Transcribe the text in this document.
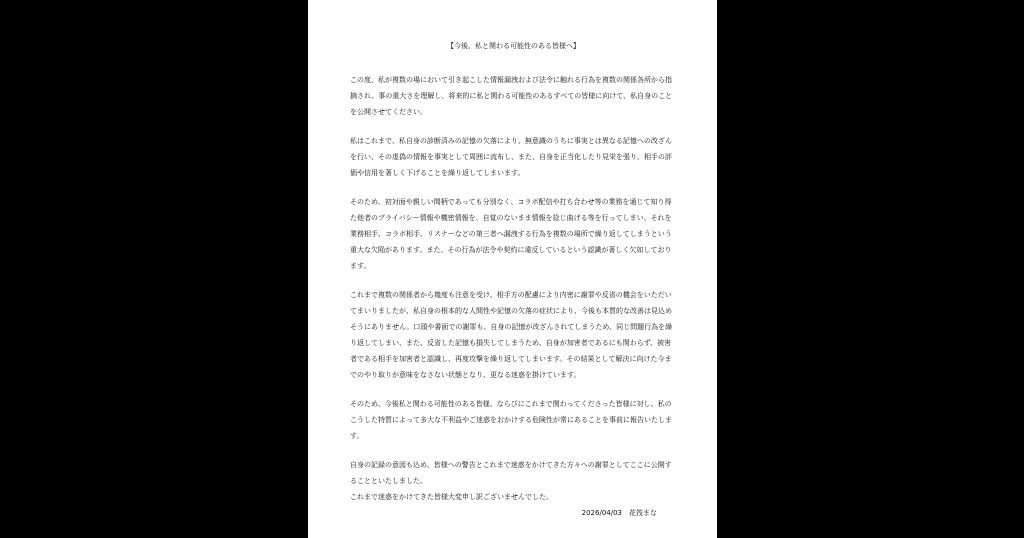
【今後、私と関わる可能性のある皆様へ】

この度、私が複数の場において引き起こした情報漏洩および法令に触れる行為を複数の関係各所から指摘され、事の重大さを理解し、将来的に私と関わる可能性のあるすべての皆様に向けて、私自身のことを公開させてください。

私はこれまで、私自身の診断済みの記憶の欠落により、無意識のうちに事実とは異なる記憶への改ざんを行い、その虚偽の情報を事実として周囲に流布し、また、自身を正当化したり見栄を張り、相手の評価や信用を著しく下げることを繰り返してしまいます。

そのため、初対面や親しい間柄であっても分別なく、コラボ配信や打ち合わせ等の業務を通じて知り得た他者のプライバシー情報や機密情報を、自覚のないまま情報を捻じ曲げる等を行ってしまい、それを業務相手、コラボ相手、リスナーなどの第三者へ漏洩する行為を複数の場所で繰り返してしまうという重大な欠陥があります。また、その行為が法令や契約に違反しているという認識が著しく欠如しております。

これまで複数の関係者から幾度も注意を受け、相手方の配慮により内密に謝罪や反省の機会をいただいてまいりましたが、私自身の根本的な人間性や記憶の欠落の症状により、今後も本質的な改善は見込めそうにありません。口頭や書面での謝罪も、自身の記憶が改ざんされてしまうため、同じ問題行為を繰り返してしまい、また、反省した記憶も損失してしまうため、自身が加害者であるにも関わらず、被害者である相手を加害者と認識し、再度攻撃を繰り返してしまいます。その結果として解決に向けた今までのやり取りが意味をなさない状態となり、更なる迷惑を掛けています。

そのため、今後私と関わる可能性のある皆様、ならびにこれまで関わってくださった皆様に対し、私のこうした特質によって多大な不利益やご迷惑をおかけする危険性が常にあることを事前に報告いたします。

自身の記録の意図も込め、皆様への警告とこれまで迷惑をかけてきた方々への謝罪としてここに公開することといたしました。

これまで迷惑をかけてきた皆様大変申し訳ございませんでした。

2026/04/03　花筏まな
